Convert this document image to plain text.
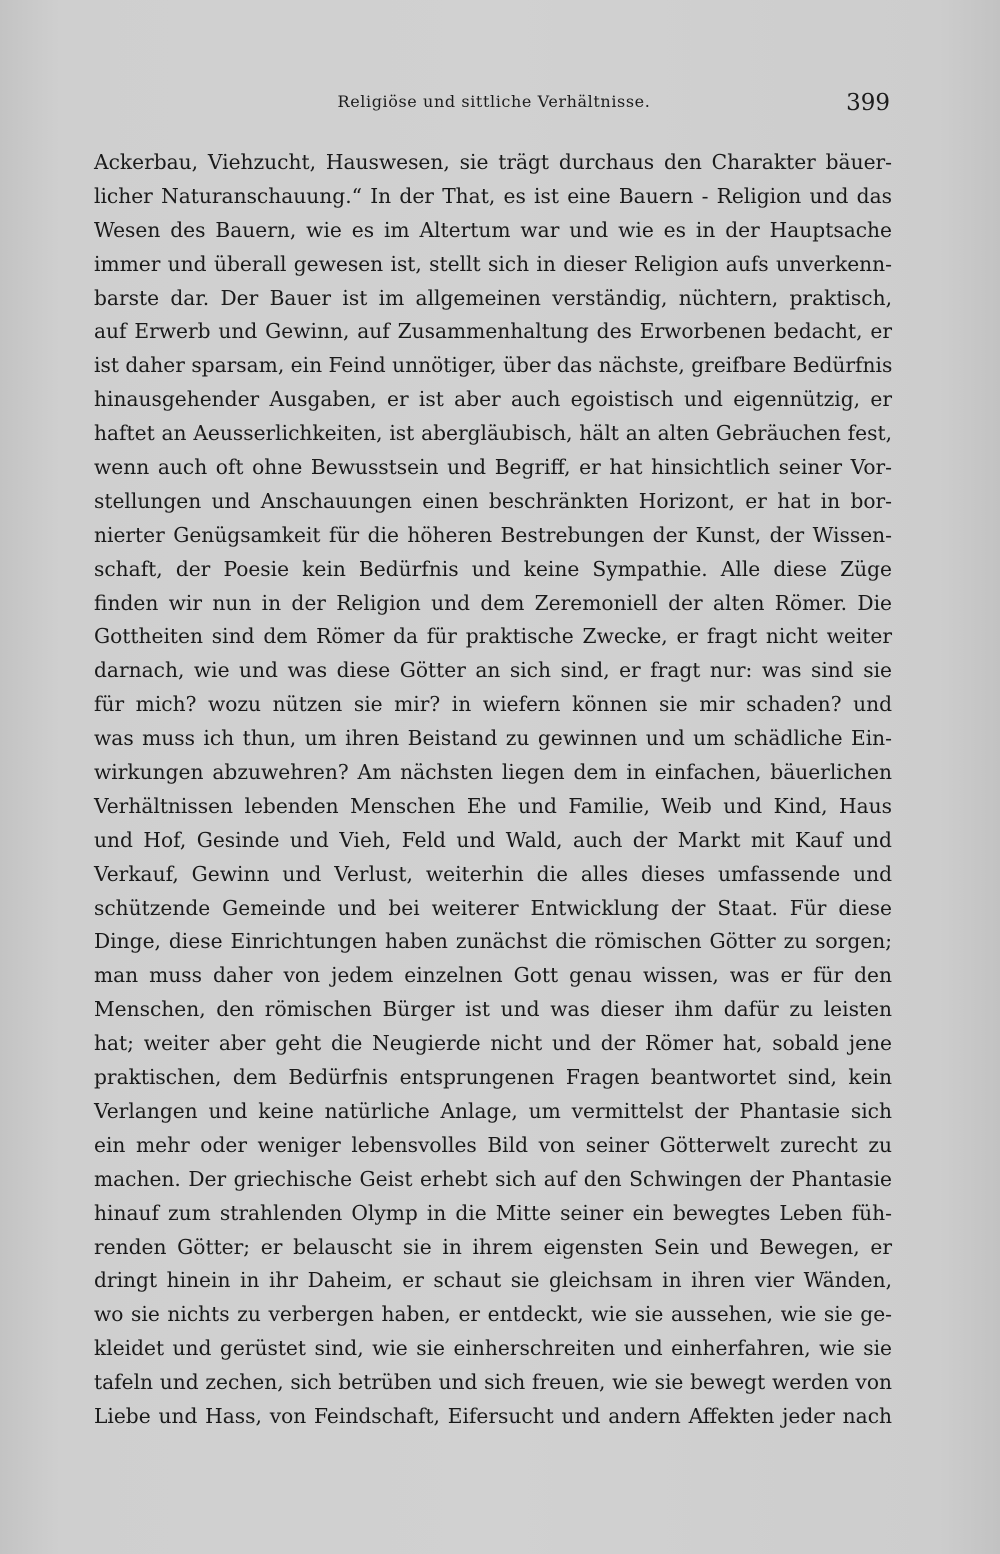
Religiöse und sittliche Verhältnisse.	399
Ackerbau, Viehzucht, Hauswesen, sie trägt durchaus den Charakter bäuer-
licher Naturanschauung.“ In der That, es ist eine Bauern - Religion und das
Wesen des Bauern, wie es im Altertum war und wie es in der Hauptsache
immer und überall gewesen ist, stellt sich in dieser Religion aufs unverkenn-
barste dar. Der Bauer ist im allgemeinen verständig, nüchtern, praktisch,
auf Erwerb und Gewinn, auf Zusammenhaltung des Erworbenen bedacht, er
ist daher sparsam, ein Feind unnötiger, über das nächste, greifbare Bedürfnis
hinausgehender Ausgaben, er ist aber auch egoistisch und eigennützig, er
haftet an Aeusserlichkeiten, ist abergläubisch, hält an alten Gebräuchen fest,
wenn auch oft ohne Bewusstsein und Begriff, er hat hinsichtlich seiner Vor-
stellungen und Anschauungen einen beschränkten Horizont, er hat in bor-
nierter Genügsamkeit für die höheren Bestrebungen der Kunst, der Wissen-
schaft, der Poesie kein Bedürfnis und keine Sympathie. Alle diese Züge
finden wir nun in der Religion und dem Zeremoniell der alten Römer. Die
Gottheiten sind dem Römer da für praktische Zwecke, er fragt nicht weiter
darnach, wie und was diese Götter an sich sind, er fragt nur: was sind sie
für mich? wozu nützen sie mir? in wiefern können sie mir schaden? und
was muss ich thun, um ihren Beistand zu gewinnen und um schädliche Ein-
wirkungen abzuwehren? Am nächsten liegen dem in einfachen, bäuerlichen
Verhältnissen lebenden Menschen Ehe und Familie, Weib und Kind, Haus
und Hof, Gesinde und Vieh, Feld und Wald, auch der Markt mit Kauf und
Verkauf, Gewinn und Verlust, weiterhin die alles dieses umfassende und
schützende Gemeinde und bei weiterer Entwicklung der Staat. Für diese
Dinge, diese Einrichtungen haben zunächst die römischen Götter zu sorgen;
man muss daher von jedem einzelnen Gott genau wissen, was er für den
Menschen, den römischen Bürger ist und was dieser ihm dafür zu leisten
hat; weiter aber geht die Neugierde nicht und der Römer hat, sobald jene
praktischen, dem Bedürfnis entsprungenen Fragen beantwortet sind, kein
Verlangen und keine natürliche Anlage, um vermittelst der Phantasie sich
ein mehr oder weniger lebensvolles Bild von seiner Götterwelt zurecht zu
machen. Der griechische Geist erhebt sich auf den Schwingen der Phantasie
hinauf zum strahlenden Olymp in die Mitte seiner ein bewegtes Leben füh-
renden Götter; er belauscht sie in ihrem eigensten Sein und Bewegen, er
dringt hinein in ihr Daheim, er schaut sie gleichsam in ihren vier Wänden,
wo sie nichts zu verbergen haben, er entdeckt, wie sie aussehen, wie sie ge-
kleidet und gerüstet sind, wie sie einherschreiten und einherfahren, wie sie
tafeln und zechen, sich betrüben und sich freuen, wie sie bewegt werden von
Liebe und Hass, von Feindschaft, Eifersucht und andern Affekten jeder nach
